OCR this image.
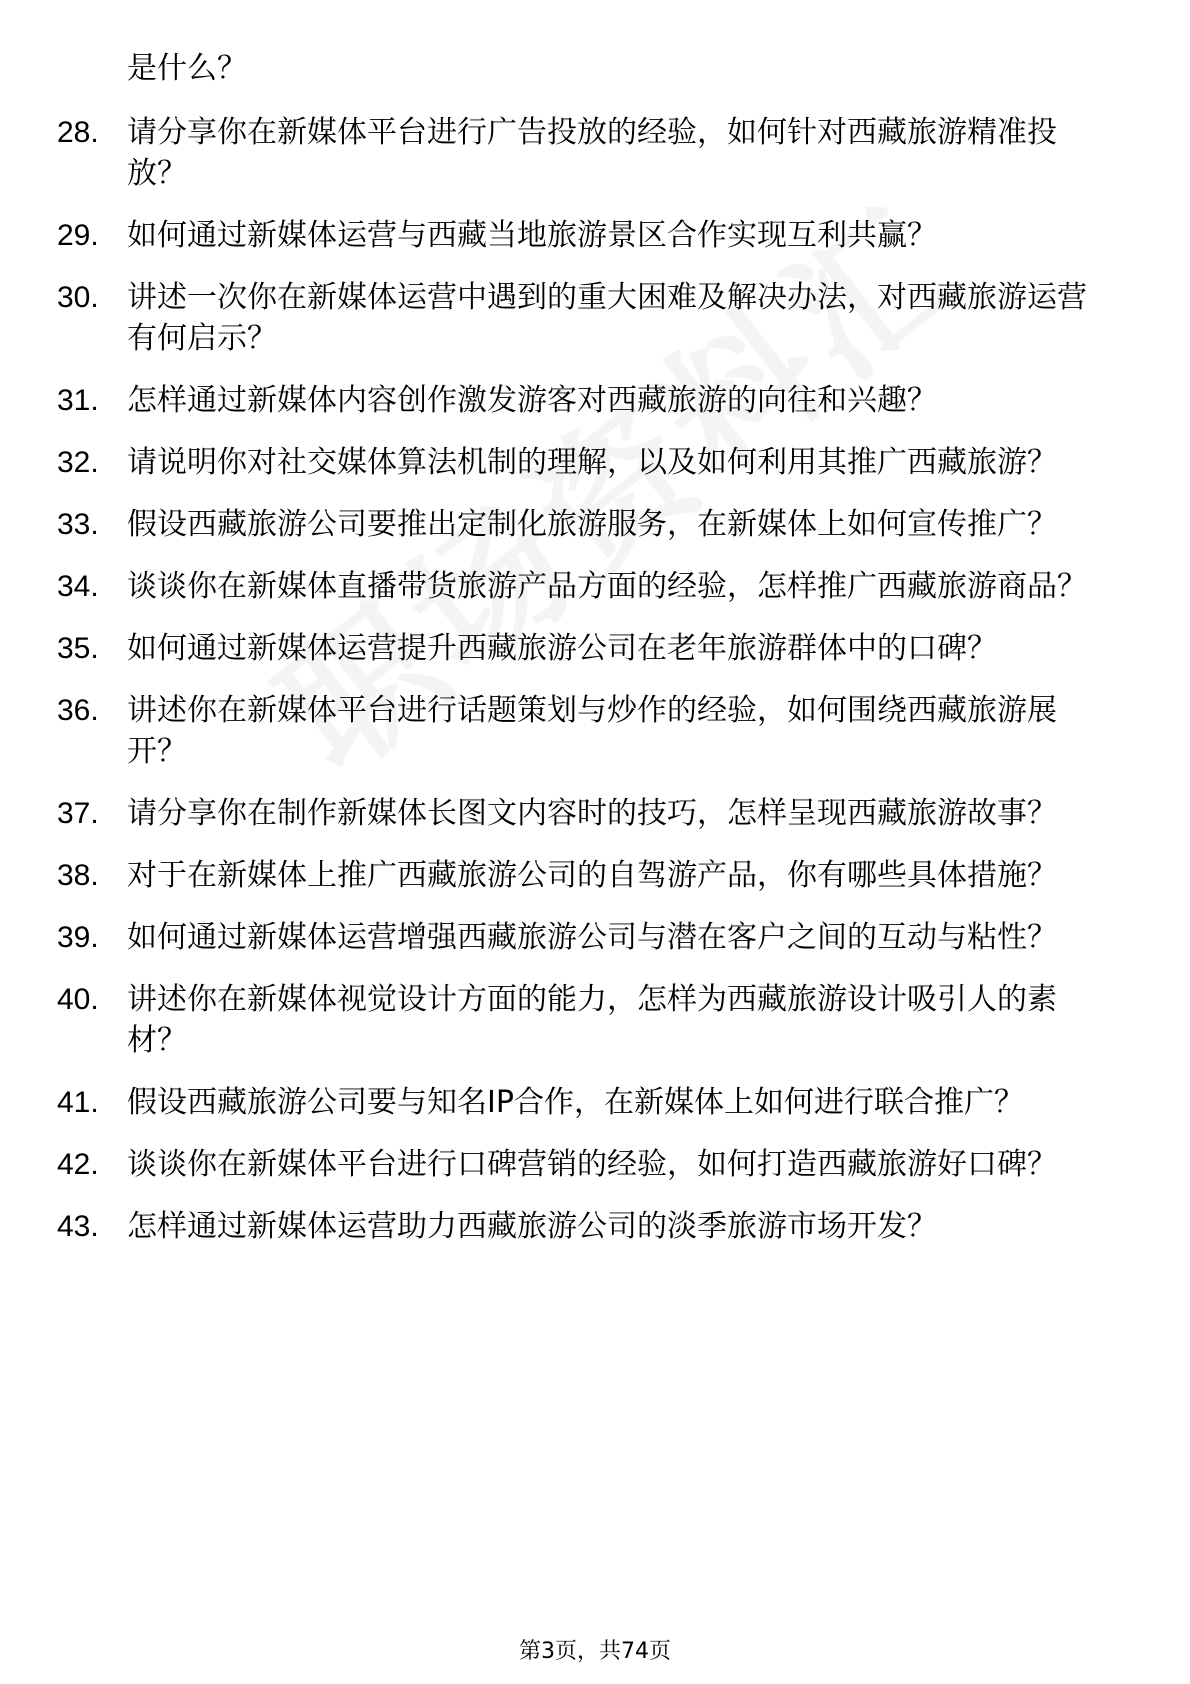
是什么？

28. 请分享你在新媒体平台进行广告投放的经验，如何针对西藏旅游精准投放？
29. 如何通过新媒体运营与西藏当地旅游景区合作实现互利共赢？
30. 讲述一次你在新媒体运营中遇到的重大困难及解决办法，对西藏旅游运营有何启示？
31. 怎样通过新媒体内容创作激发游客对西藏旅游的向往和兴趣？
32. 请说明你对社交媒体算法机制的理解，以及如何利用其推广西藏旅游？
33. 假设西藏旅游公司要推出定制化旅游服务，在新媒体上如何宣传推广？
34. 谈谈你在新媒体直播带货旅游产品方面的经验，怎样推广西藏旅游商品？
35. 如何通过新媒体运营提升西藏旅游公司在老年旅游群体中的口碑？
36. 讲述你在新媒体平台进行话题策划与炒作的经验，如何围绕西藏旅游展开？
37. 请分享你在制作新媒体长图文内容时的技巧，怎样呈现西藏旅游故事？
38. 对于在新媒体上推广西藏旅游公司的自驾游产品，你有哪些具体措施？
39. 如何通过新媒体运营增强西藏旅游公司与潜在客户之间的互动与粘性？
40. 讲述你在新媒体视觉设计方面的能力，怎样为西藏旅游设计吸引人的素材？
41. 假设西藏旅游公司要与知名IP合作，在新媒体上如何进行联合推广？
42. 谈谈你在新媒体平台进行口碑营销的经验，如何打造西藏旅游好口碑？
43. 怎样通过新媒体运营助力西藏旅游公司的淡季旅游市场开发？
第3页，共74页
